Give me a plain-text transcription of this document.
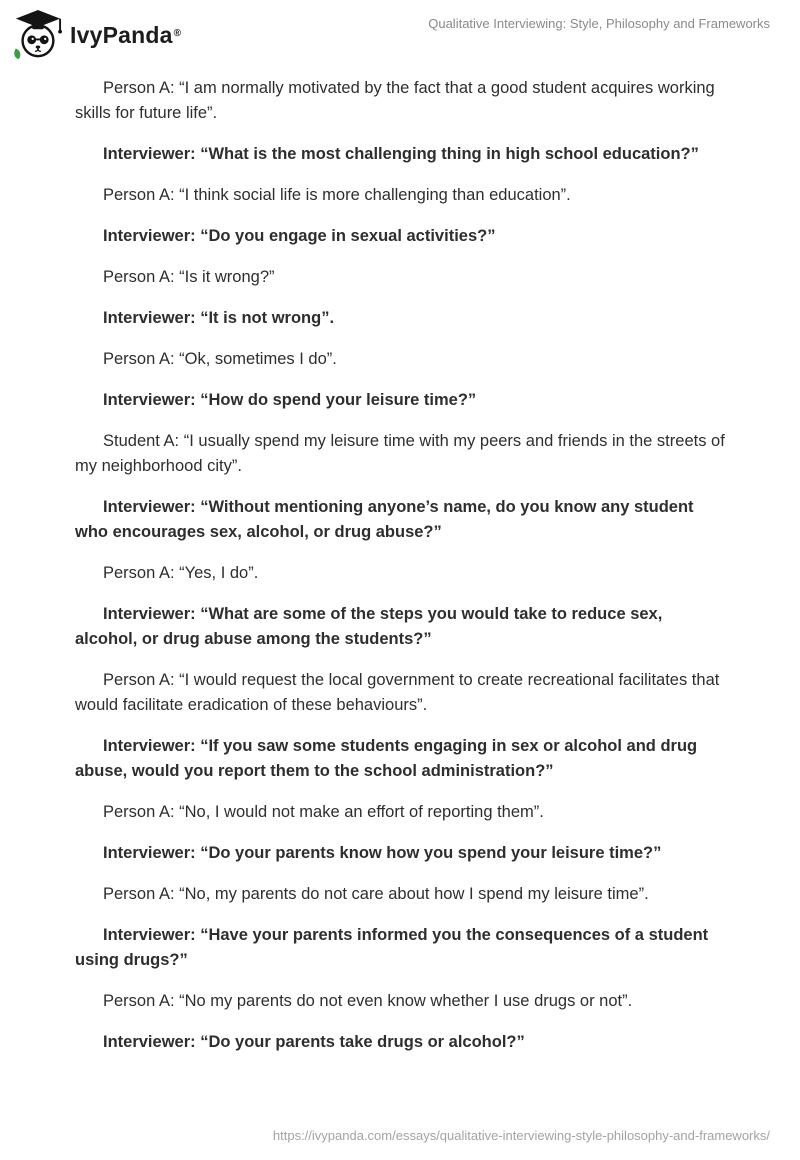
IvyPanda®
Qualitative Interviewing: Style, Philosophy and Frameworks

Person A: “I am normally motivated by the fact that a good student acquires working skills for future life”.

Interviewer: “What is the most challenging thing in high school education?”

Person A: “I think social life is more challenging than education”.

Interviewer: “Do you engage in sexual activities?”

Person A: “Is it wrong?”

Interviewer: “It is not wrong”.

Person A: “Ok, sometimes I do”.

Interviewer: “How do spend your leisure time?”

Student A: “I usually spend my leisure time with my peers and friends in the streets of my neighborhood city”.

Interviewer: “Without mentioning anyone’s name, do you know any student who encourages sex, alcohol, or drug abuse?”

Person A: “Yes, I do”.

Interviewer: “What are some of the steps you would take to reduce sex, alcohol, or drug abuse among the students?”

Person A: “I would request the local government to create recreational facilitates that would facilitate eradication of these behaviours”.

Interviewer: “If you saw some students engaging in sex or alcohol and drug abuse, would you report them to the school administration?”

Person A: “No, I would not make an effort of reporting them”.

Interviewer: “Do your parents know how you spend your leisure time?”

Person A: “No, my parents do not care about how I spend my leisure time”.

Interviewer: “Have your parents informed you the consequences of a student using drugs?”

Person A: “No my parents do not even know whether I use drugs or not”.

Interviewer: “Do your parents take drugs or alcohol?”

https://ivypanda.com/essays/qualitative-interviewing-style-philosophy-and-frameworks/
